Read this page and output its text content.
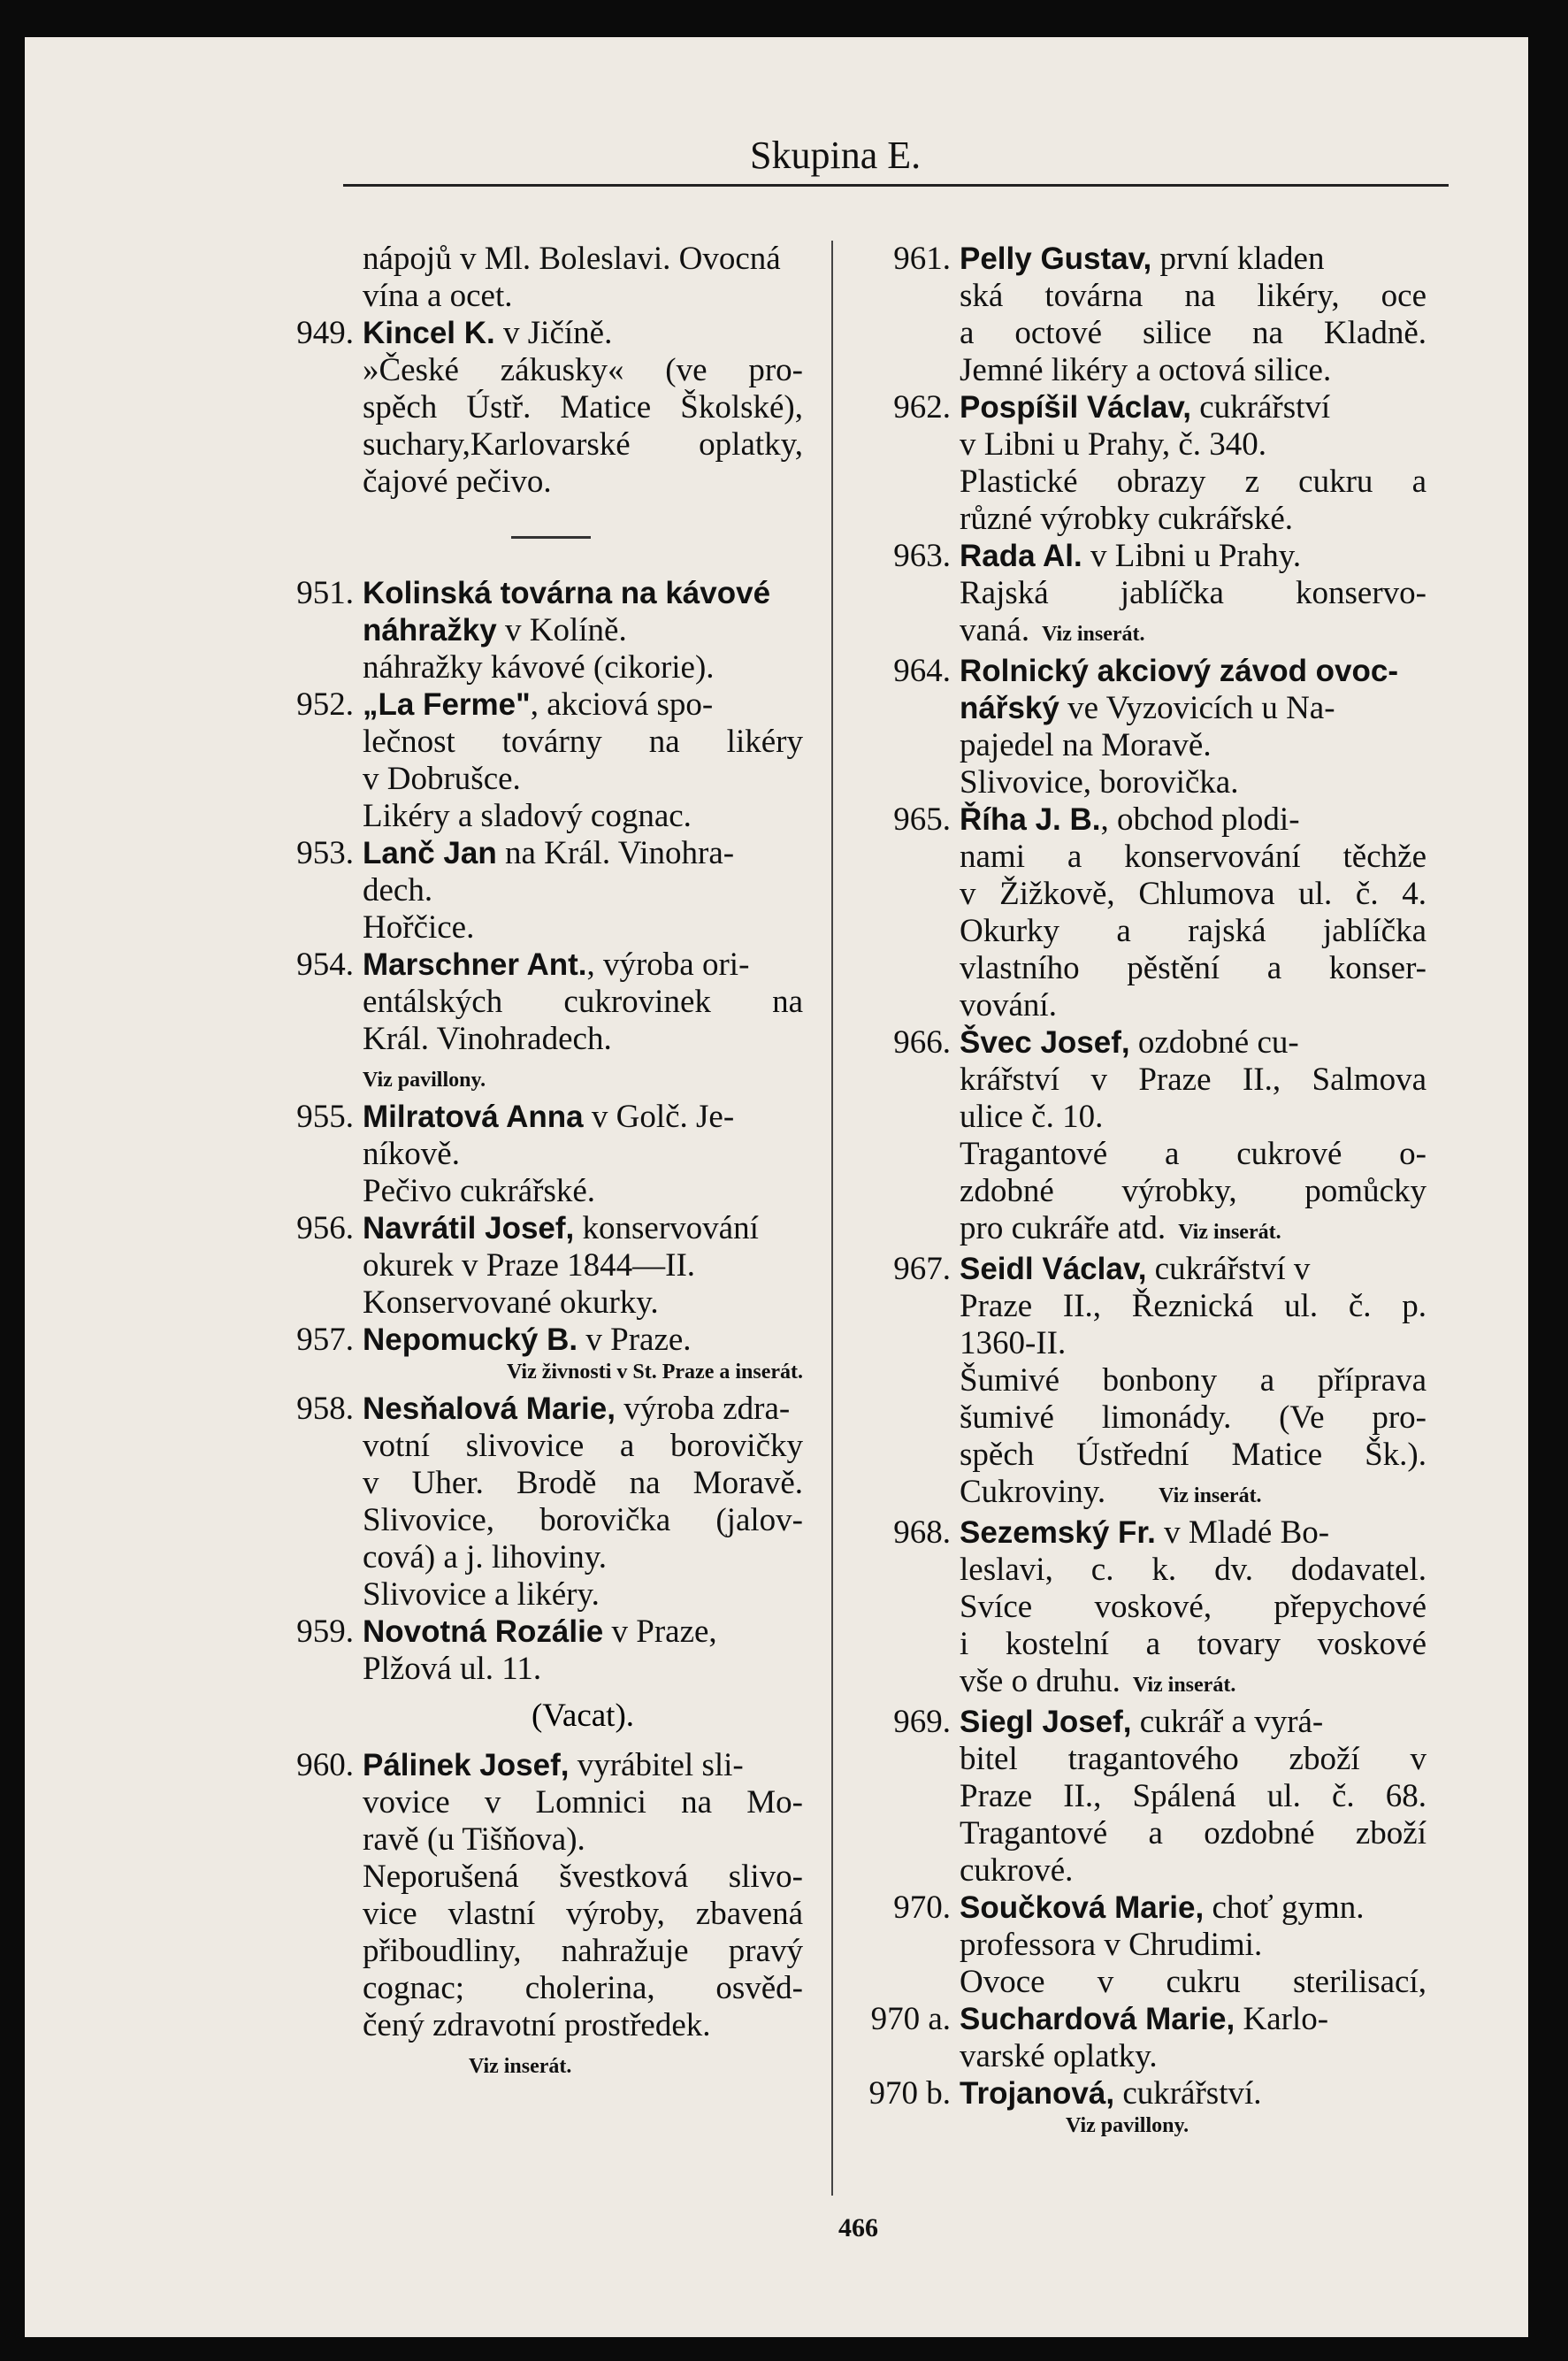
Skupina E.
nápojů v Ml. Boleslavi. Ovocná vína a ocet.
949. Kincel K. v Jičíně.
»České zákusky« (ve pro-
spěch Ústř. Matice Školské),
suchary,Karlovarské oplatky,
čajové pečivo.
951. Kolinská továrna na kávové náhražky v Kolíně.
náhražky kávové (cikorie).
952. „La Ferme", akciová spo-
lečnost továrny na likéry
v Dobrušce.
Likéry a sladový cognac.
953. Lanč Jan na Král. Vinohra-
dech.
Hořčice.
954. Marschner Ant., výroba ori-
entálských cukrovinek na
Král. Vinohradech.
Viz pavillony.
955. Milratová Anna v Golč. Je-
níkově.
Pečivo cukrářské.
956. Navrátil Josef, konservování
okurek v Praze 1844—II.
Konservované okurky.
957. Nepomucký B. v Praze.
Viz živnosti v St. Praze a inserát.
958. Nesňalová Marie, výroba zdra-
votní slivovice a borovičky
v Uher. Brodě na Moravě.
Slivovice, borovička (jalov-
cová) a j. lihoviny.
Slivovice a likéry.
959. Novotná Rozálie v Praze,
Plžová ul. 11.
(Vacat).
960. Pálinek Josef, vyrábitel sli-
vovice v Lomnici na Mo-
ravě (u Tišňova).
Neporušená švestková slivo-
vice vlastní výroby, zbavená
přiboudliny, nahražuje pravý
cognac; cholerina, osvěd-
čený zdravotní prostředek.
Viz inserát.
961. Pelly Gustav, první kladen
ská továrna na likéry, oce
a octové silice na Kladně.
Jemné likéry a octová silice.
962. Pospíšil Václav, cukrářství
v Libni u Prahy, č. 340.
Plastické obrazy z cukru a
různé výrobky cukrářské.
963. Rada Al. v Libni u Prahy.
Rajská jablíčka konservo-
vaná. Viz inserát.
964. Rolnický akciový závod ovoc-nářský ve Vyzovicích u Na-
pajedel na Moravě.
Slivovice, borovička.
965. Říha J. B., obchod plodi-
nami a konservování těchže
v Žižkově, Chlumova ul. č. 4.
Okurky a rajská jablíčka
vlastního pěstění a konser-
vování.
966. Švec Josef, ozdobné cu-
krářství v Praze II., Salmova
ulice č. 10.
Tragantové a cukrové o-
zdobné výrobky, pomůcky
pro cukráře atd. Viz inserát.
967. Seidl Václav, cukrářství v
Praze II., Řeznická ul. č. p.
1360-II.
Šumivé bonbony a příprava
šumivé limonády. (Ve pro-
spěch Ústřední Matice Šk.).
Cukroviny.	Viz inserát.
968. Sezemský Fr. v Mladé Bo-
leslavi, c. k. dv. dodavatel.
Svíce voskové, přepychové
i kostelní a tovary voskové
vše o druhu. Viz inserát.
969. Siegl Josef, cukrář a vyrá-
bitel tragantového zboží v
Praze II., Spálená ul. č. 68.
Tragantové a ozdobné zboží
cukrové.
970. Součková Marie, choť gymn.
professora v Chrudimi.
Ovoce v cukru sterilisací,
970 a. Suchardová Marie, Karlo-
varské oplatky.
970 b. Trojanová, cukrářství.
Viz pavillony.
466
